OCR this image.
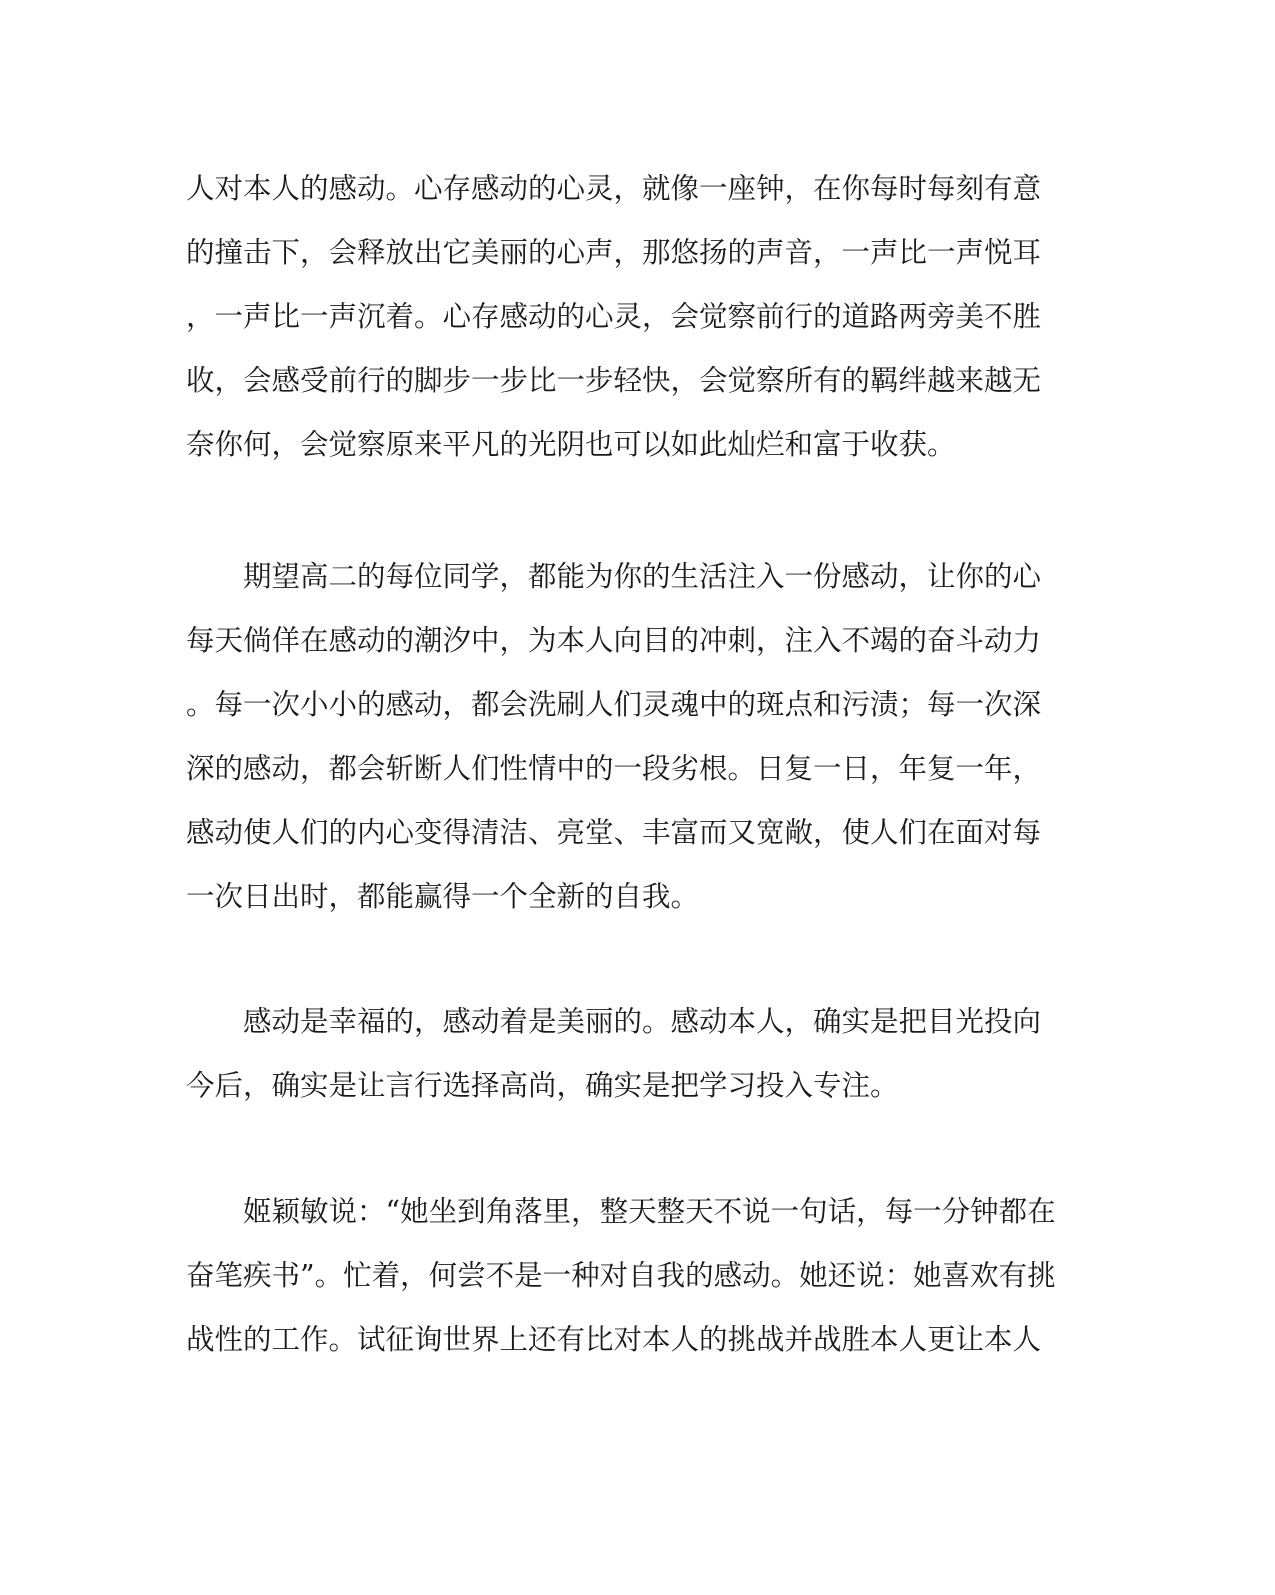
人对本人的感动。心存感动的心灵，就像一座钟，在你每时每刻有意
的撞击下，会释放出它美丽的心声，那悠扬的声音，一声比一声悦耳
，一声比一声沉着。心存感动的心灵，会觉察前行的道路两旁美不胜
收，会感受前行的脚步一步比一步轻快，会觉察所有的羁绊越来越无
奈你何，会觉察原来平凡的光阴也可以如此灿烂和富于收获。
　　期望高二的每位同学，都能为你的生活注入一份感动，让你的心
每天倘佯在感动的潮汐中，为本人向目的冲刺，注入不竭的奋斗动力
。每一次小小的感动，都会洗刷人们灵魂中的斑点和污渍；每一次深
深的感动，都会斩断人们性情中的一段劣根。日复一日，年复一年，
感动使人们的内心变得清洁、亮堂、丰富而又宽敞，使人们在面对每
一次日出时，都能赢得一个全新的自我。
　　感动是幸福的，感动着是美丽的。感动本人，确实是把目光投向
今后，确实是让言行选择高尚，确实是把学习投入专注。
　　姬颖敏说：“她坐到角落里，整天整天不说一句话，每一分钟都在
奋笔疾书”。忙着，何尝不是一种对自我的感动。她还说：她喜欢有挑
战性的工作。试征询世界上还有比对本人的挑战并战胜本人更让本人
